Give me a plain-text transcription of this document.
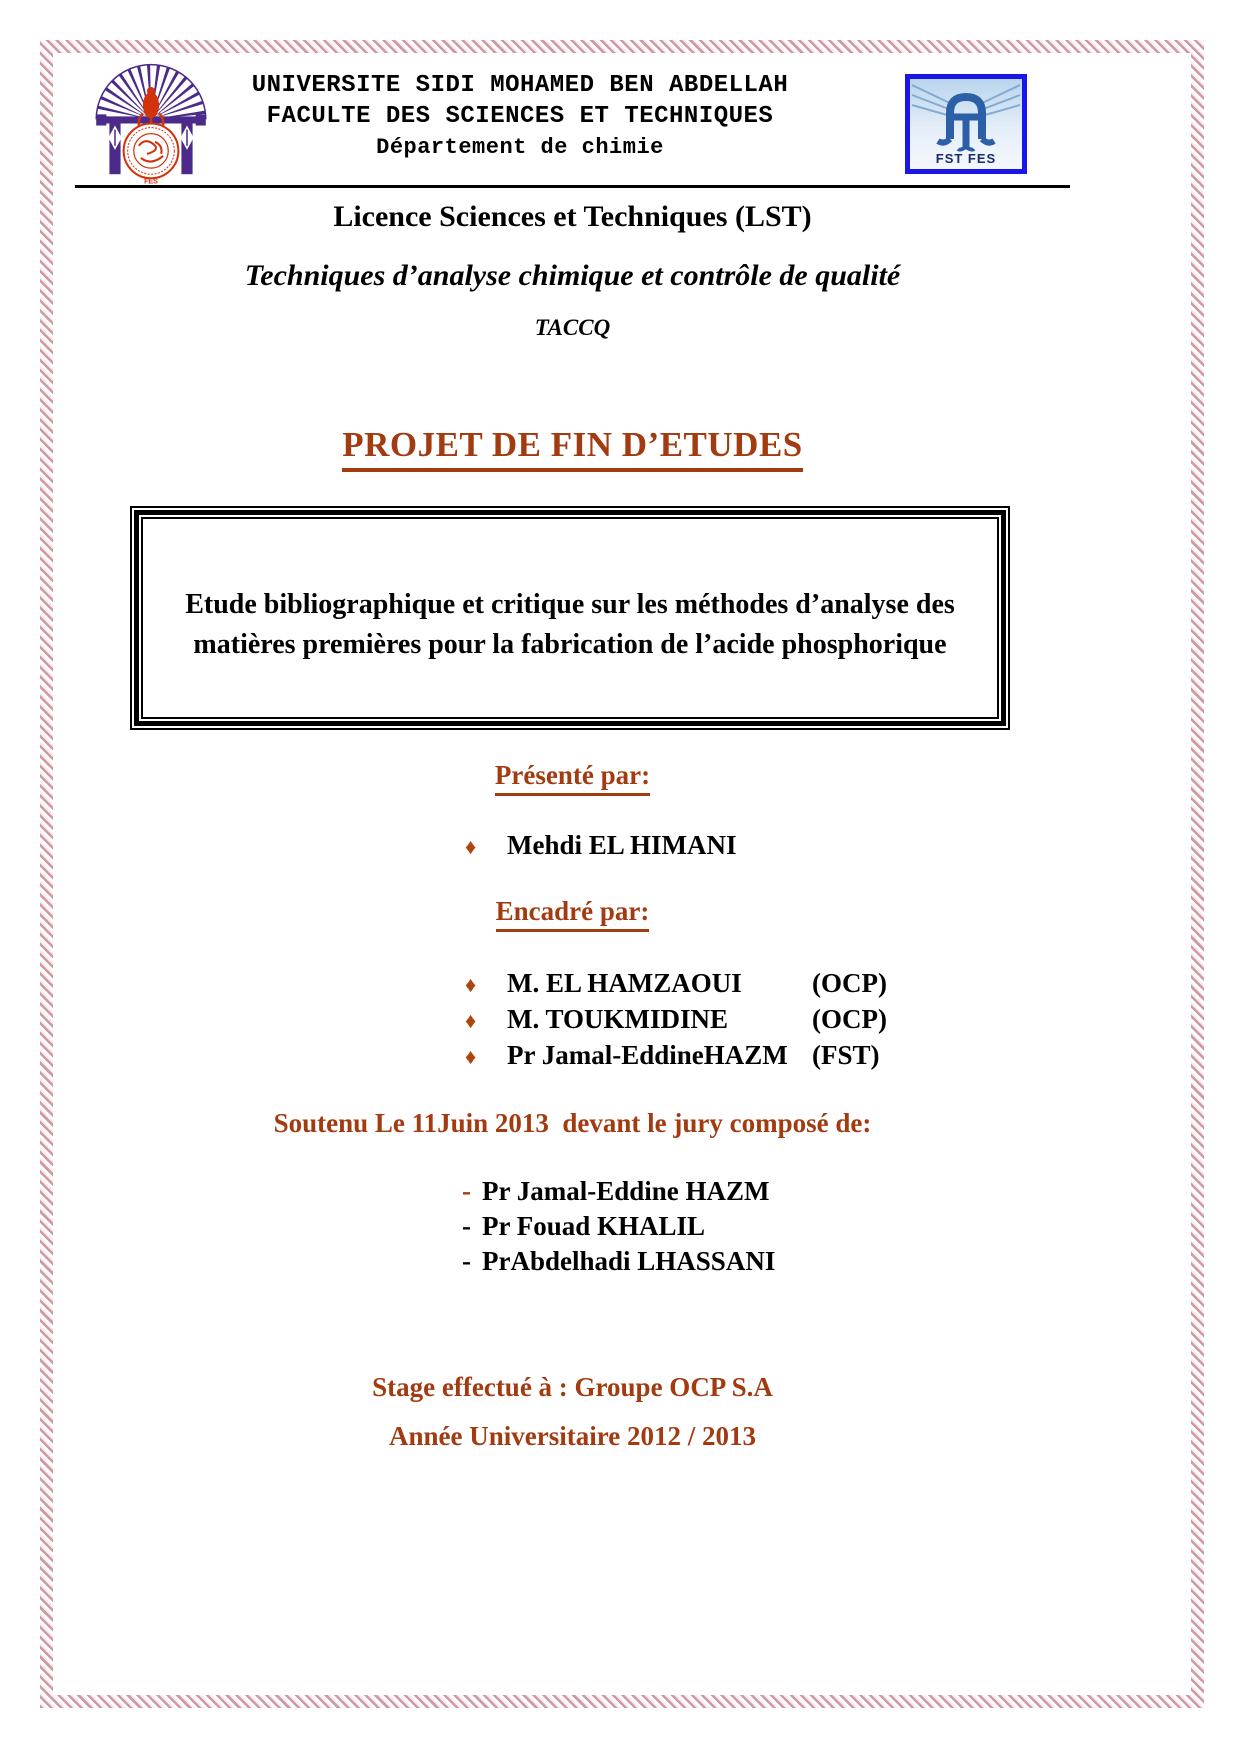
FES
UNIVERSITE SIDI MOHAMED BEN ABDELLAH
FACULTE DES SCIENCES ET TECHNIQUES
Département de chimie	FST FES
Licence Sciences et Techniques (LST)
Techniques d’analyse chimique et contrôle de qualité
TACCQ
PROJET DE FIN D’ETUDES
Etude bibliographique et critique sur les méthodes d’analyse des
matières premières pour la fabrication de l’acide phosphorique
Présenté par:
♦ Mehdi EL HIMANI
Encadré par:
♦ M. EL HAMZAOUI	(OCP)
♦ M. TOUKMIDINE	(OCP)
♦ Pr Jamal-EddineHAZM (FST)
Soutenu Le 11Juin 2013  devant le jury composé de:
- Pr Jamal-Eddine HAZM
- Pr Fouad KHALIL
- PrAbdelhadi LHASSANI
Stage effectué à : Groupe OCP S.A
Année Universitaire 2012 / 2013
